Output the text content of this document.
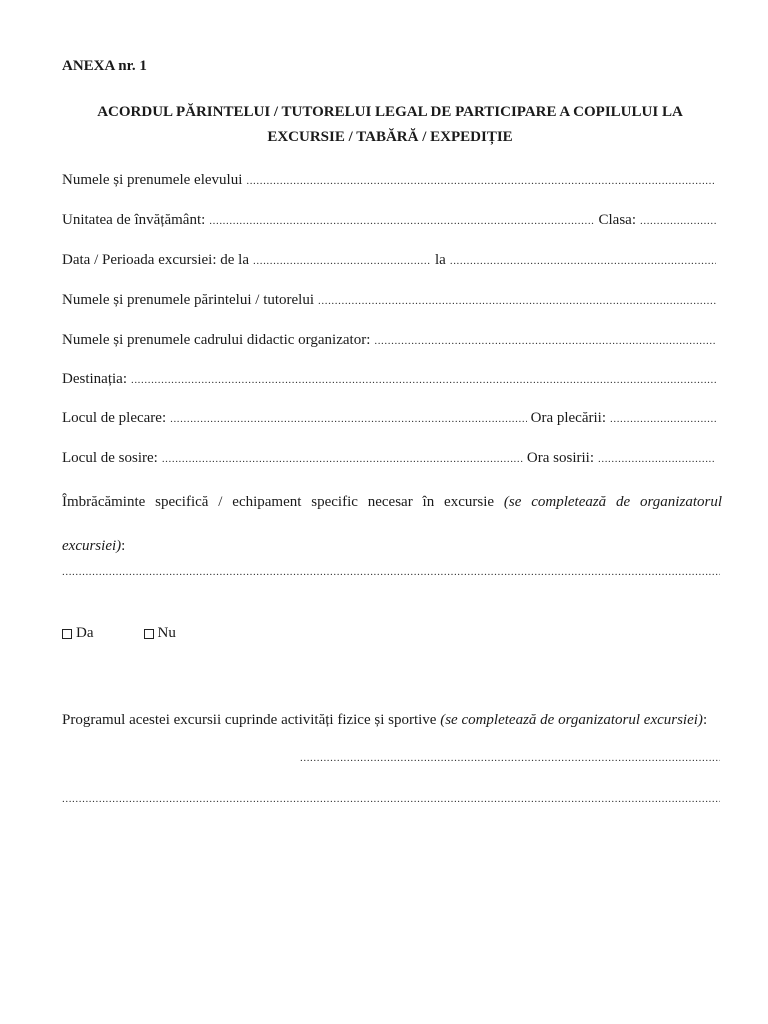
ANEXA nr. 1
ACORDUL PĂRINTELUI / TUTORELUI LEGAL DE PARTICIPARE A COPILULUI LA
EXCURSIE / TABĂRĂ / EXPEDIȚIE
Numele și prenumele elevului
.....
Unitatea de învățământ: .....	Clasa:
.....
Data / Perioada excursiei: de la .....	la
.....
Numele și prenumele părintelui / tutorelui
.....
Numele și prenumele cadrului didactic organizator:
.....
Destinația:
.....
Locul de plecare: .....	Ora plecării:
.....
Locul de sosire: .....	Ora sosirii:
.....
Îmbrăcăminte specifică / echipament specific necesar în excursie (se completează de organizatorul excursiei):
.....
Da	Nu
Programul acestei excursii cuprinde activități fizice și sportive (se completează de organizatorul excursiei):
.....
.....
